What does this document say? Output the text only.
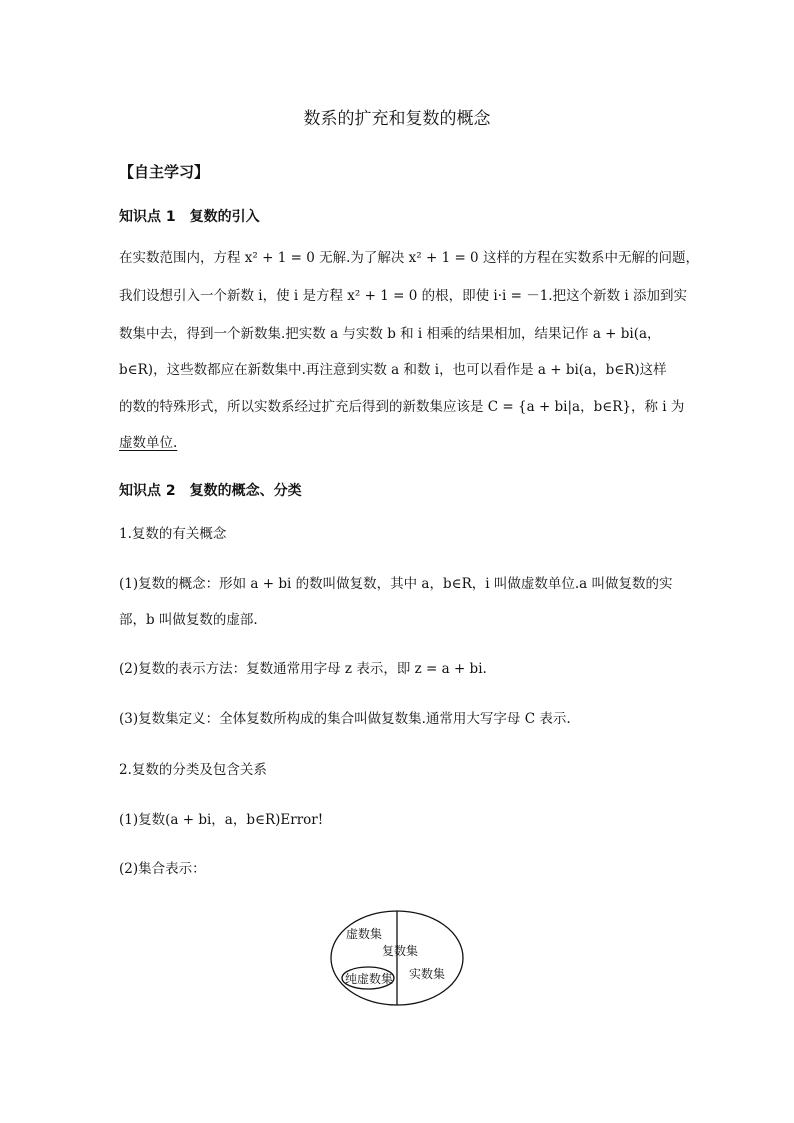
数系的扩充和复数的概念
【自主学习】
知识点 1　复数的引入
在实数范围内，方程 x² + 1 = 0 无解.为了解决 x² + 1 = 0 这样的方程在实数系中无解的问题，
我们设想引入一个新数 i，使 i 是方程 x² + 1 = 0 的根，即使 i·i = －1.把这个新数 i 添加到实
数集中去，得到一个新数集.把实数 a 与实数 b 和 i 相乘的结果相加，结果记作 a + bi(a，
b∈R)，这些数都应在新数集中.再注意到实数 a 和数 i，也可以看作是 a + bi(a，b∈R)这样
的数的特殊形式，所以实数系经过扩充后得到的新数集应该是 C = {a + bi|a，b∈R}，称 i 为
虚数单位.
知识点 2　复数的概念、分类
1.复数的有关概念
(1)复数的概念：形如 a + bi 的数叫做复数，其中 a，b∈R，i 叫做虚数单位.a 叫做复数的实
部，b 叫做复数的虚部.
(2)复数的表示方法：复数通常用字母 z 表示，即 z = a + bi.
(3)复数集定义：全体复数所构成的集合叫做复数集.通常用大写字母 C 表示.
2.复数的分类及包含关系
(1)复数(a + bi，a，b∈R)Error!
(2)集合表示：
虚数集
复数集
纯虚数集 实数集
